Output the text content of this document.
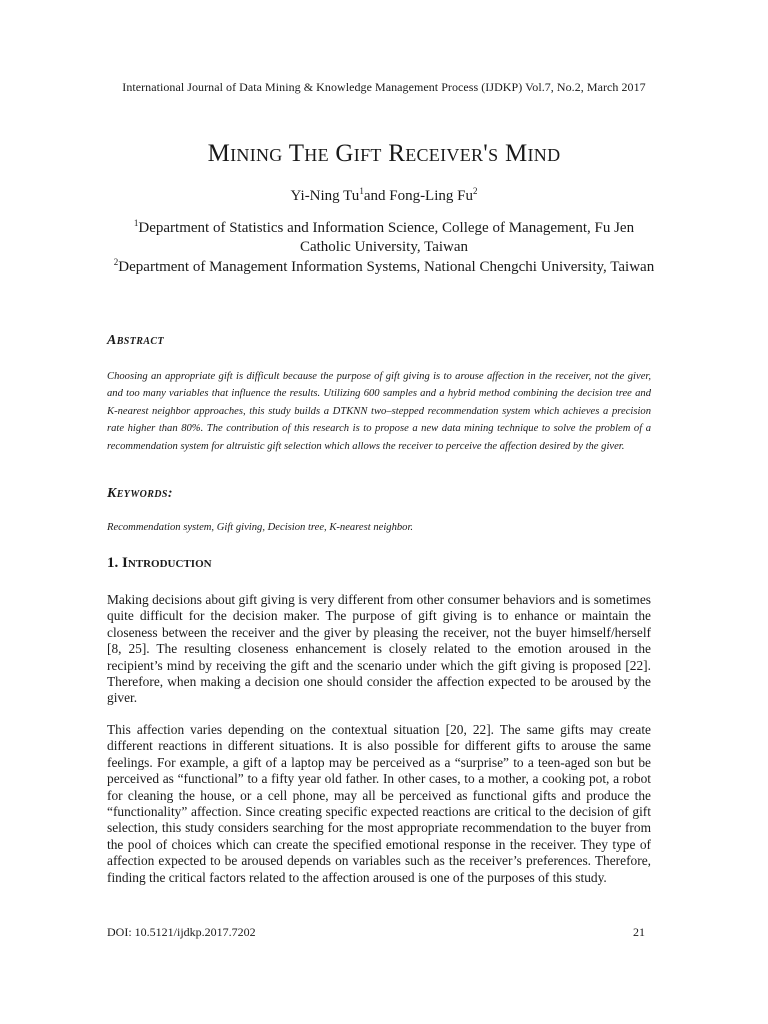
International Journal of Data Mining & Knowledge Management Process (IJDKP) Vol.7, No.2, March 2017
Mining The Gift Receiver's Mind
Yi-Ning Tu$^1$and Fong-Ling Fu$^2$
$^1$Department of Statistics and Information Science, College of Management, Fu Jen Catholic University, Taiwan
$^2$Department of Management Information Systems, National Chengchi University, Taiwan
Abstract
Choosing an appropriate gift is difficult because the purpose of gift giving is to arouse affection in the receiver, not the giver, and too many variables that influence the results. Utilizing 600 samples and a hybrid method combining the decision tree and K-nearest neighbor approaches, this study builds a DTKNN two–stepped recommendation system which achieves a precision rate higher than 80%. The contribution of this research is to propose a new data mining technique to solve the problem of a recommendation system for altruistic gift selection which allows the receiver to perceive the affection desired by the giver.
Keywords:
Recommendation system, Gift giving, Decision tree, K-nearest neighbor.
1. Introduction
Making decisions about gift giving is very different from other consumer behaviors and is sometimes quite difficult for the decision maker. The purpose of gift giving is to enhance or maintain the closeness between the receiver and the giver by pleasing the receiver, not the buyer himself/herself [8, 25]. The resulting closeness enhancement is closely related to the emotion aroused in the recipient’s mind by receiving the gift and the scenario under which the gift giving is proposed [22]. Therefore, when making a decision one should consider the affection expected to be aroused by the giver.
This affection varies depending on the contextual situation [20, 22]. The same gifts may create different reactions in different situations. It is also possible for different gifts to arouse the same feelings. For example, a gift of a laptop may be perceived as a “surprise” to a teen-aged son but be perceived as “functional” to a fifty year old father. In other cases, to a mother, a cooking pot, a robot for cleaning the house, or a cell phone, may all be perceived as functional gifts and produce the “functionality” affection. Since creating specific expected reactions are critical to the decision of gift selection, this study considers searching for the most appropriate recommendation to the buyer from the pool of choices which can create the specified emotional response in the receiver. They type of affection expected to be aroused depends on variables such as the receiver’s preferences. Therefore, finding the critical factors related to the affection aroused is one of the purposes of this study.
DOI: 10.5121/ijdkp.2017.7202	21
